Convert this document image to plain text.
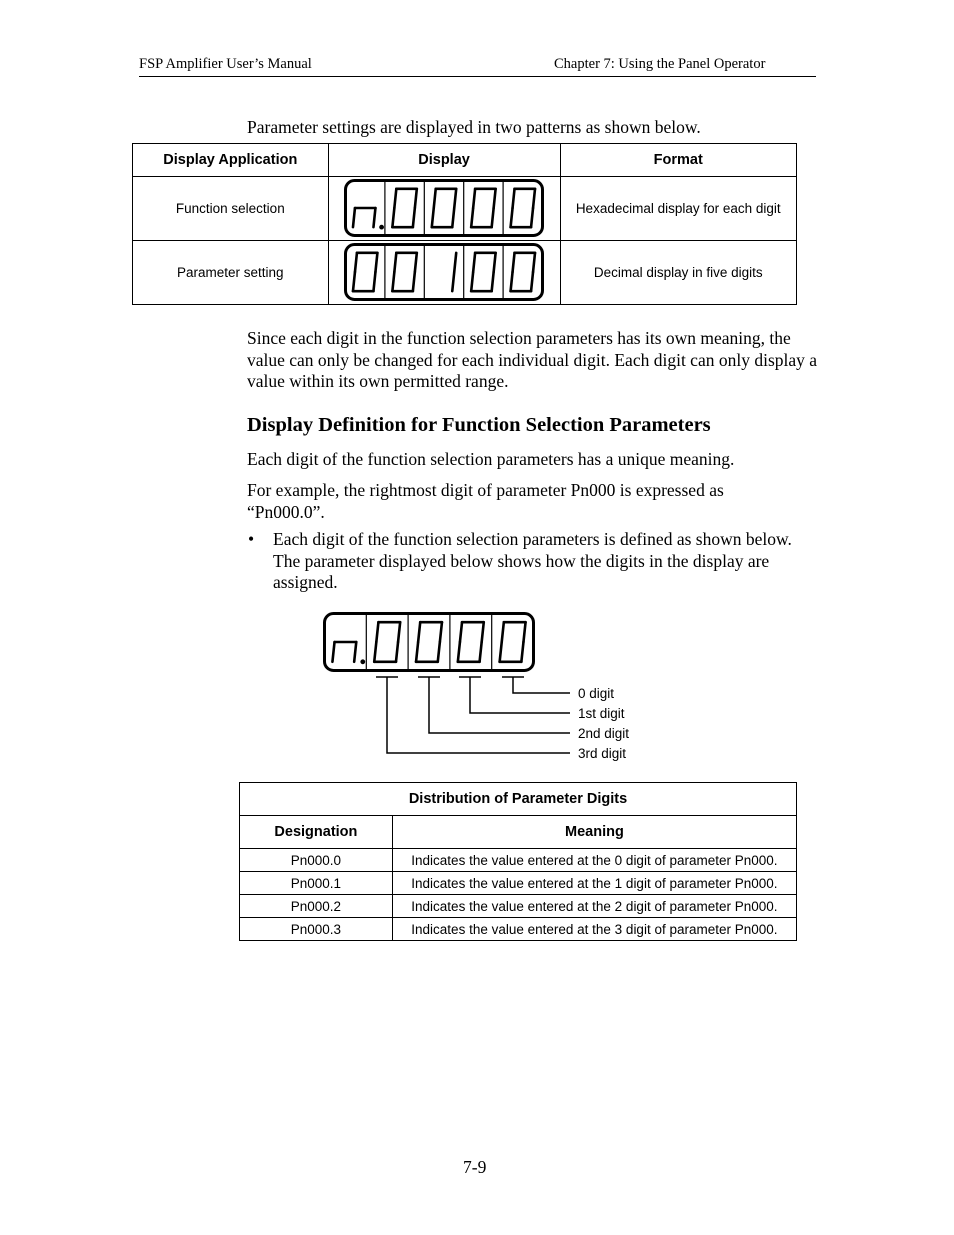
FSP Amplifier User’s Manual	Chapter 7: Using the Panel Operator
Parameter settings are displayed in two patterns as shown below.
Display Application	Display	Format
Function selection		Hexadecimal display for each digit
Parameter setting		Decimal display in five digits
Since each digit in the function selection parameters has its own meaning, the value can only be changed for each individual digit. Each digit can only display a value within its own permitted range.
Display Definition for Function Selection Parameters
Each digit of the function selection parameters has a unique meaning.
For example, the rightmost digit of parameter Pn000 is expressed as
“Pn000.0”.
• Each digit of the function selection parameters is defined as shown below. The parameter displayed below shows how the digits in the display are assigned.
0 digit
1st digit
2nd digit
3rd digit
Distribution of Parameter Digits	
Designation	Meaning
Pn000.0	Indicates the value entered at the 0 digit of parameter Pn000.
Pn000.1	Indicates the value entered at the 1 digit of parameter Pn000.
Pn000.2	Indicates the value entered at the 2 digit of parameter Pn000.
Pn000.3	Indicates the value entered at the 3 digit of parameter Pn000.
7-9
